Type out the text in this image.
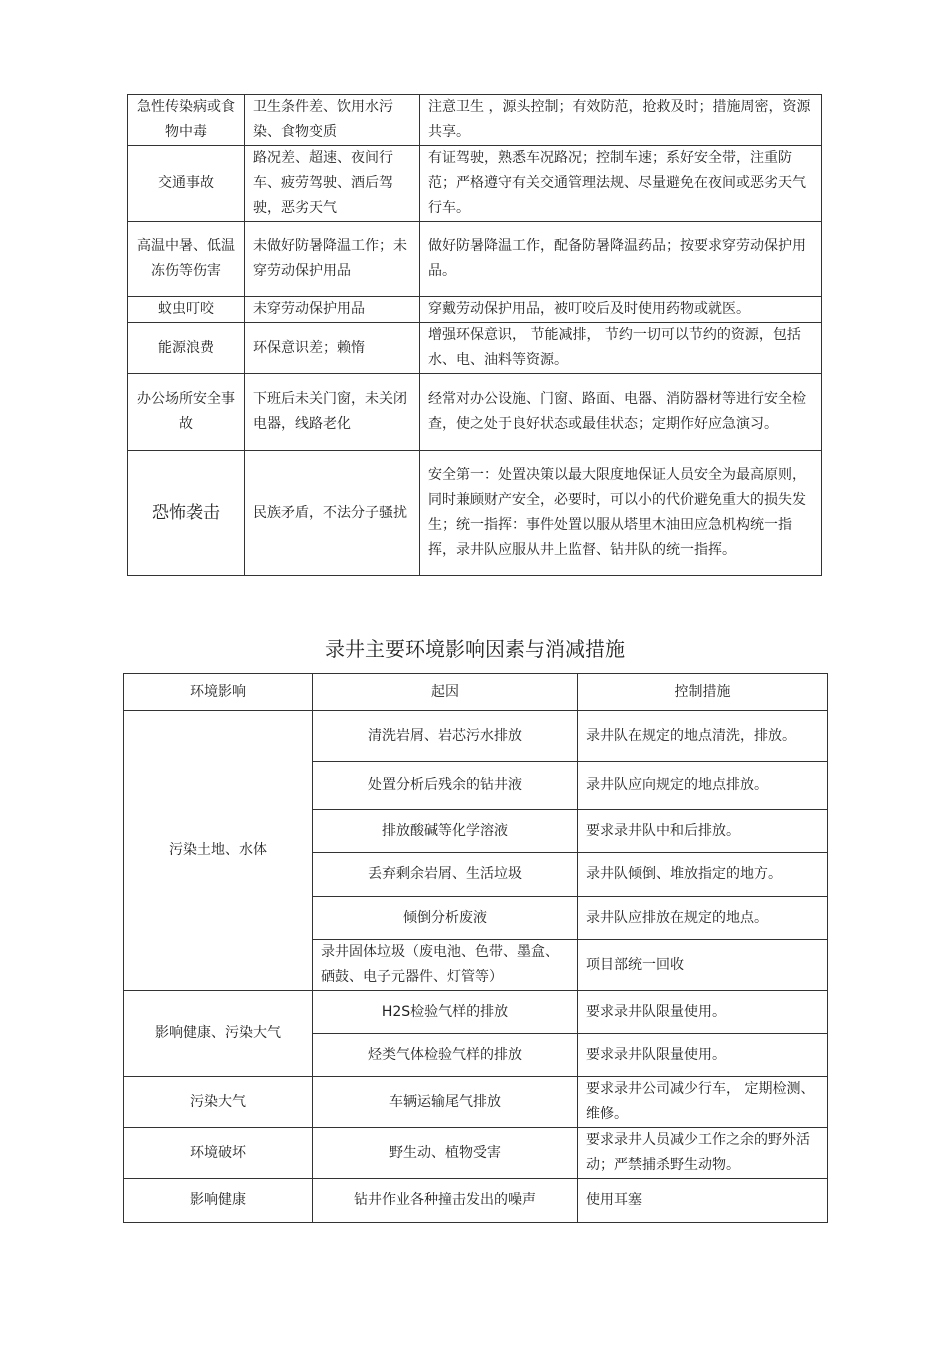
急性传染病或食物中毒	卫生条件差、饮用水污染、食物变质	注意卫生 ，源头控制；有效防范，抢救及时；措施周密，资源共享。
交通事故	路况差、超速、夜间行车、疲劳驾驶、酒后驾驶，恶劣天气	有证驾驶，熟悉车况路况；控制车速；系好安全带，注重防范；严格遵守有关交通管理法规、尽量避免在夜间或恶劣天气行车。
高温中暑、低温冻伤等伤害	未做好防暑降温工作；未穿劳动保护用品	做好防暑降温工作，配备防暑降温药品；按要求穿劳动保护用品。
蚊虫叮咬	未穿劳动保护用品	穿戴劳动保护用品，被叮咬后及时使用药物或就医。
能源浪费	环保意识差；赖惰	增强环保意识， 节能减排， 节约一切可以节约的资源，包括水、电、油料等资源。
办公场所安全事故	下班后未关门窗，未关闭电器，线路老化	经常对办公设施、门窗、路面、电器、消防器材等进行安全检查，使之处于良好状态或最佳状态；定期作好应急演习。
恐怖袭击	民族矛盾，不法分子骚扰	安全第一：处置决策以最大限度地保证人员安全为最高原则，同时兼顾财产安全，必要时，可以小的代价避免重大的损失发生；统一指挥：事件处置以服从塔里木油田应急机构统一指挥，录井队应服从井上监督、钻井队的统一指挥。
录井主要环境影响因素与消减措施
环境影响	起因	控制措施
污染土地、水体	清洗岩屑、岩芯污水排放	录井队在规定的地点清洗，排放。
	处置分析后残余的钻井液	录井队应向规定的地点排放。
	排放酸碱等化学溶液	要求录井队中和后排放。
	丢弃剩余岩屑、生活垃圾	录井队倾倒、堆放指定的地方。
	倾倒分析废液	录井队应排放在规定的地点。
	录井固体垃圾（废电池、色带、墨盒、硒鼓、电子元器件、灯管等）	项目部统一回收
影响健康、污染大气	H2S检验气样的排放	要求录井队限量使用。
	烃类气体检验气样的排放	要求录井队限量使用。
污染大气	车辆运输尾气排放	要求录井公司减少行车， 定期检测、维修。
环境破坏	野生动、植物受害	要求录井人员减少工作之余的野外活动；严禁捕杀野生动物。
影响健康	钻井作业各种撞击发出的噪声	使用耳塞
